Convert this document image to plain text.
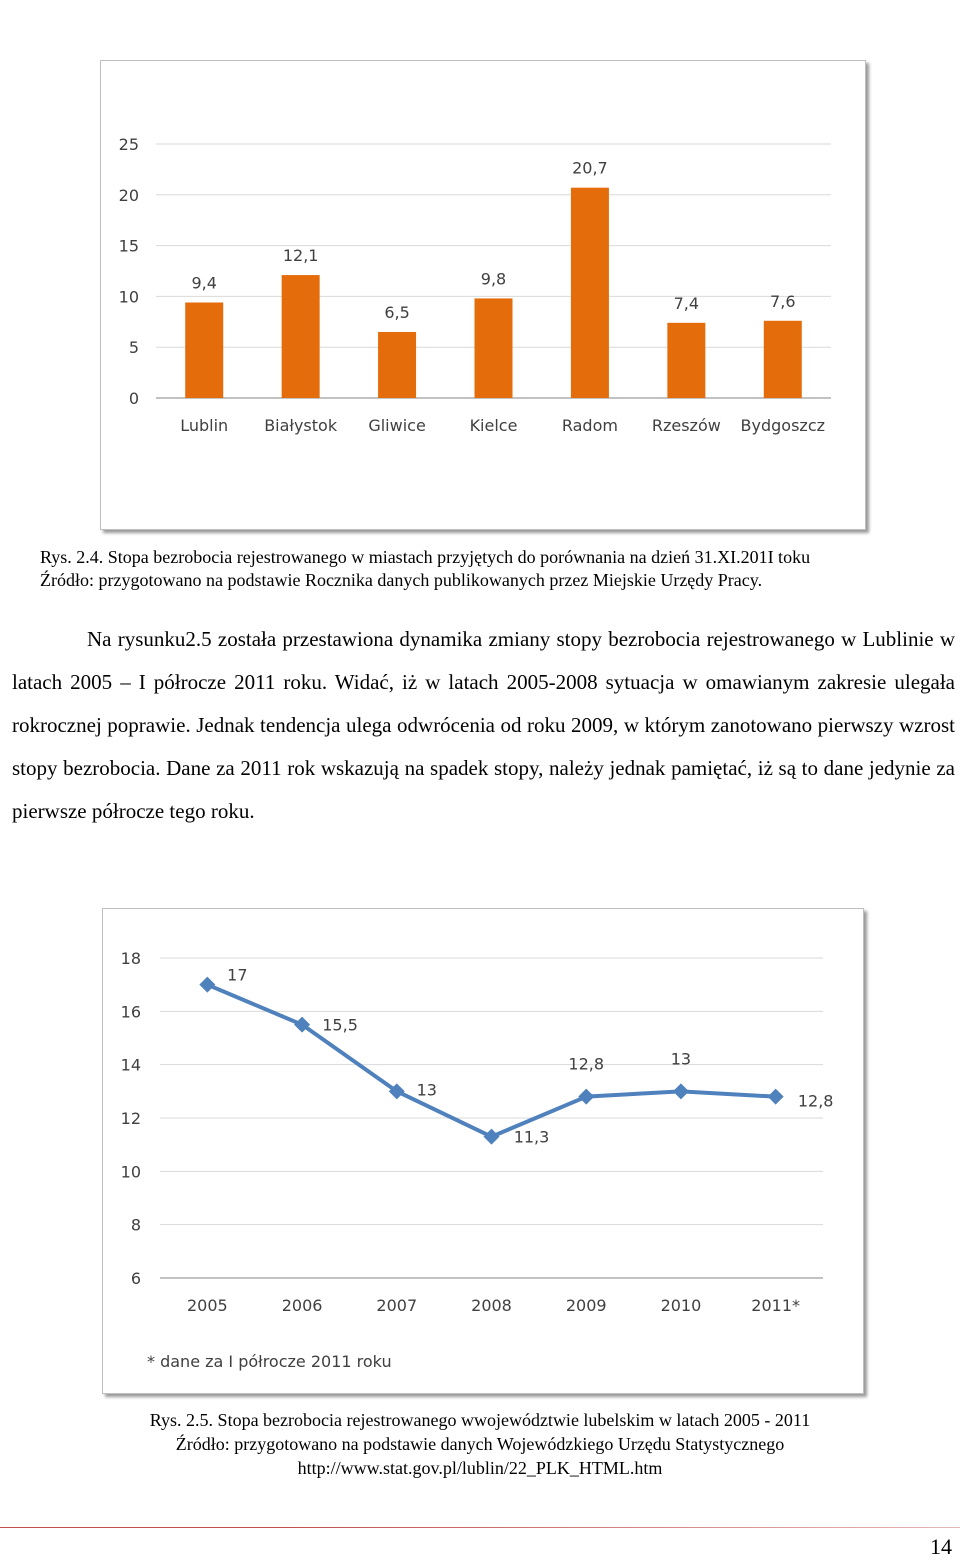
0
5
10
15
20
25
9,4
Lublin
12,1
Białystok
6,5
Gliwice
9,8
Kielce
20,7
Radom
7,4
Rzeszów
7,6
Bydgoszcz
Rys. 2.4. Stopa bezrobocia rejestrowanego w miastach przyjętych do porównania na dzień 31.XI.201I toku
Źródło: przygotowano na podstawie Rocznika danych publikowanych przez Miejskie Urzędy Pracy.
Na rysunku2.5 została przestawiona dynamika zmiany stopy bezrobocia rejestrowanego w Lublinie w latach 2005 – I półrocze 2011 roku. Widać, iż w latach 2005-2008 sytuacja w omawianym zakresie ulegała rokrocznej poprawie. Jednak tendencja ulega odwrócenia od roku 2009, w którym zanotowano pierwszy wzrost stopy bezrobocia. Dane za 2011 rok wskazują na spadek stopy, należy jednak pamiętać, iż są to dane jedynie za pierwsze półrocze tego roku.
6
8
10
12
14
16
18
17
2005
15,5
2006
13
2007
11,3
2008
12,8
2009
13
2010
12,8
2011*
* dane za I półrocze 2011 roku
Rys. 2.5. Stopa bezrobocia rejestrowanego wwojewództwie lubelskim w latach 2005 - 2011
Źródło: przygotowano na podstawie danych Wojewódzkiego Urzędu Statystycznego
http://www.stat.gov.pl/lublin/22_PLK_HTML.htm
14
